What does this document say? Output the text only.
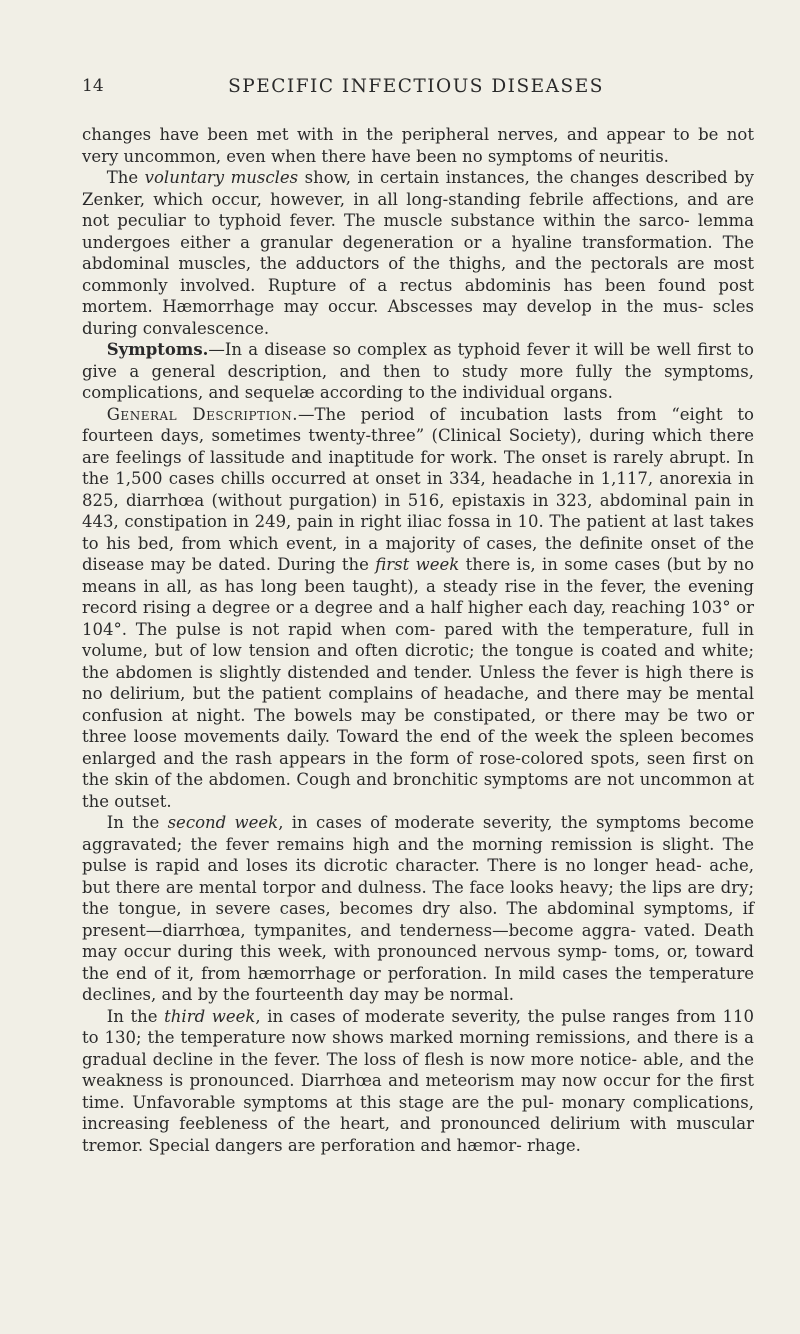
14	SPECIFIC INFECTIOUS DISEASES

changes have been met with in the peripheral nerves, and appear to be not very uncommon, even when there have been no symptoms of neuritis.

The voluntary muscles show, in certain instances, the changes described by Zenker, which occur, however, in all long-standing febrile affections, and are not peculiar to typhoid fever. The muscle substance within the sarco- lemma undergoes either a granular degeneration or a hyaline transformation. The abdominal muscles, the adductors of the thighs, and the pectorals are most commonly involved. Rupture of a rectus abdominis has been found post mortem. Hæmorrhage may occur. Abscesses may develop in the mus- scles during convalescence.

Symptoms.—In a disease so complex as typhoid fever it will be well first to give a general description, and then to study more fully the symptoms, complications, and sequelæ according to the individual organs.

General Description.—The period of incubation lasts from “eight to fourteen days, sometimes twenty-three” (Clinical Society), during which there are feelings of lassitude and inaptitude for work. The onset is rarely abrupt. In the 1,500 cases chills occurred at onset in 334, headache in 1,117, anorexia in 825, diarrhœa (without purgation) in 516, epistaxis in 323, abdominal pain in 443, constipation in 249, pain in right iliac fossa in 10. The patient at last takes to his bed, from which event, in a majority of cases, the definite onset of the disease may be dated. During the first week there is, in some cases (but by no means in all, as has long been taught), a steady rise in the fever, the evening record rising a degree or a degree and a half higher each day, reaching 103° or 104°. The pulse is not rapid when com- pared with the temperature, full in volume, but of low tension and often dicrotic; the tongue is coated and white; the abdomen is slightly distended and tender. Unless the fever is high there is no delirium, but the patient complains of headache, and there may be mental confusion at night. The bowels may be constipated, or there may be two or three loose movements daily. Toward the end of the week the spleen becomes enlarged and the rash appears in the form of rose-colored spots, seen first on the skin of the abdomen. Cough and bronchitic symptoms are not uncommon at the outset.

In the second week, in cases of moderate severity, the symptoms become aggravated; the fever remains high and the morning remission is slight. The pulse is rapid and loses its dicrotic character. There is no longer head- ache, but there are mental torpor and dulness. The face looks heavy; the lips are dry; the tongue, in severe cases, becomes dry also. The abdominal symptoms, if present—diarrhœa, tympanites, and tenderness—become aggra- vated. Death may occur during this week, with pronounced nervous symp- toms, or, toward the end of it, from hæmorrhage or perforation. In mild cases the temperature declines, and by the fourteenth day may be normal.

In the third week, in cases of moderate severity, the pulse ranges from 110 to 130; the temperature now shows marked morning remissions, and there is a gradual decline in the fever. The loss of flesh is now more notice- able, and the weakness is pronounced. Diarrhœa and meteorism may now occur for the first time. Unfavorable symptoms at this stage are the pul- monary complications, increasing feebleness of the heart, and pronounced delirium with muscular tremor. Special dangers are perforation and hæmor- rhage.
